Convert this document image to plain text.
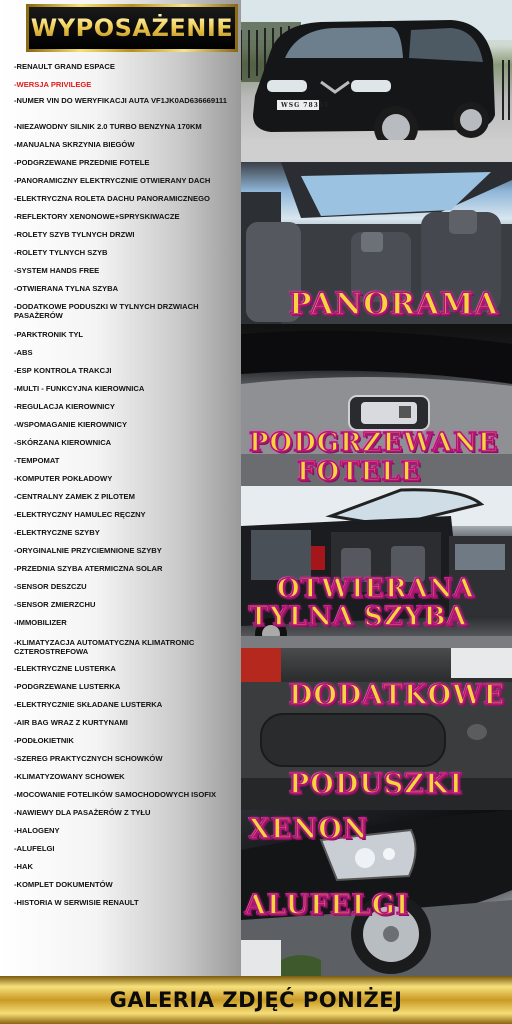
WYPOSAŻENIE
-RENAULT GRAND ESPACE
-WERSJA PRIVILEGE
-NUMER VIN DO WERYFIKACJI AUTA VF1JK0AD636669111
-NIEZAWODNY SILNIK 2.0 TURBO BENZYNA 170KM
-MANUALNA SKRZYNIA BIEGÓW
-PODGRZEWANE PRZEDNIE FOTELE
-PANORAMICZNY ELEKTRYCZNIE OTWIERANY DACH
-ELEKTRYCZNA ROLETA DACHU PANORAMICZNEGO
-REFLEKTORY XENONOWE+SPRYSKIWACZE
-ROLETY SZYB TYLNYCH DRZWI
-ROLETY TYLNYCH SZYB
-SYSTEM HANDS FREE
-OTWIERANA TYLNA SZYBA
-DODATKOWE PODUSZKI W TYLNYCH DRZWIACH PASAŻERÓW
-PARKTRONIK TYL
-ABS
-ESP KONTROLA TRAKCJI
-MULTI - FUNKCYJNA KIEROWNICA
-REGULACJA KIEROWNICY
-WSPOMAGANIE KIEROWNICY
-SKÓRZANA KIEROWNICA
-TEMPOMAT
-KOMPUTER POKŁADOWY
-CENTRALNY ZAMEK Z PILOTEM
-ELEKTRYCZNY HAMULEC RĘCZNY
-ELEKTRYCZNE SZYBY
-ORYGINALNIE PRZYCIEMNIONE SZYBY
-PRZEDNIA SZYBA ATERMICZNA SOLAR
-SENSOR DESZCZU
-SENSOR ZMIERZCHU
-IMMOBILIZER
-KLIMATYZACJA AUTOMATYCZNA KLIMATRONIC CZTEROSTREFOWA
-ELEKTRYCZNE LUSTERKA
-PODGRZEWANE LUSTERKA
-ELEKTRYCZNIE SKŁADANE LUSTERKA
-AIR BAG WRAZ Z KURTYNAMI
-PODŁOKIETNIK
-SZEREG PRAKTYCZNYCH SCHOWKÓW
-KLIMATYZOWANY SCHOWEK
-MOCOWANIE FOTELIKÓW SAMOCHODOWYCH ISOFIX
-NAWIEWY DLA PASAŻERÓW Z TYŁU
-HALOGENY
-ALUFELGI
-HAK
-KOMPLET DOKUMENTÓW
-HISTORIA W SERWISIE RENAULT
WSG 7835Y
PANORAMA
PODGRZEWANE
FOTELE
OTWIERANA
TYLNA SZYBA
DODATKOWE
PODUSZKI
XENON
ALUFELGI
GALERIA ZDJĘĆ PONIŻEJ
